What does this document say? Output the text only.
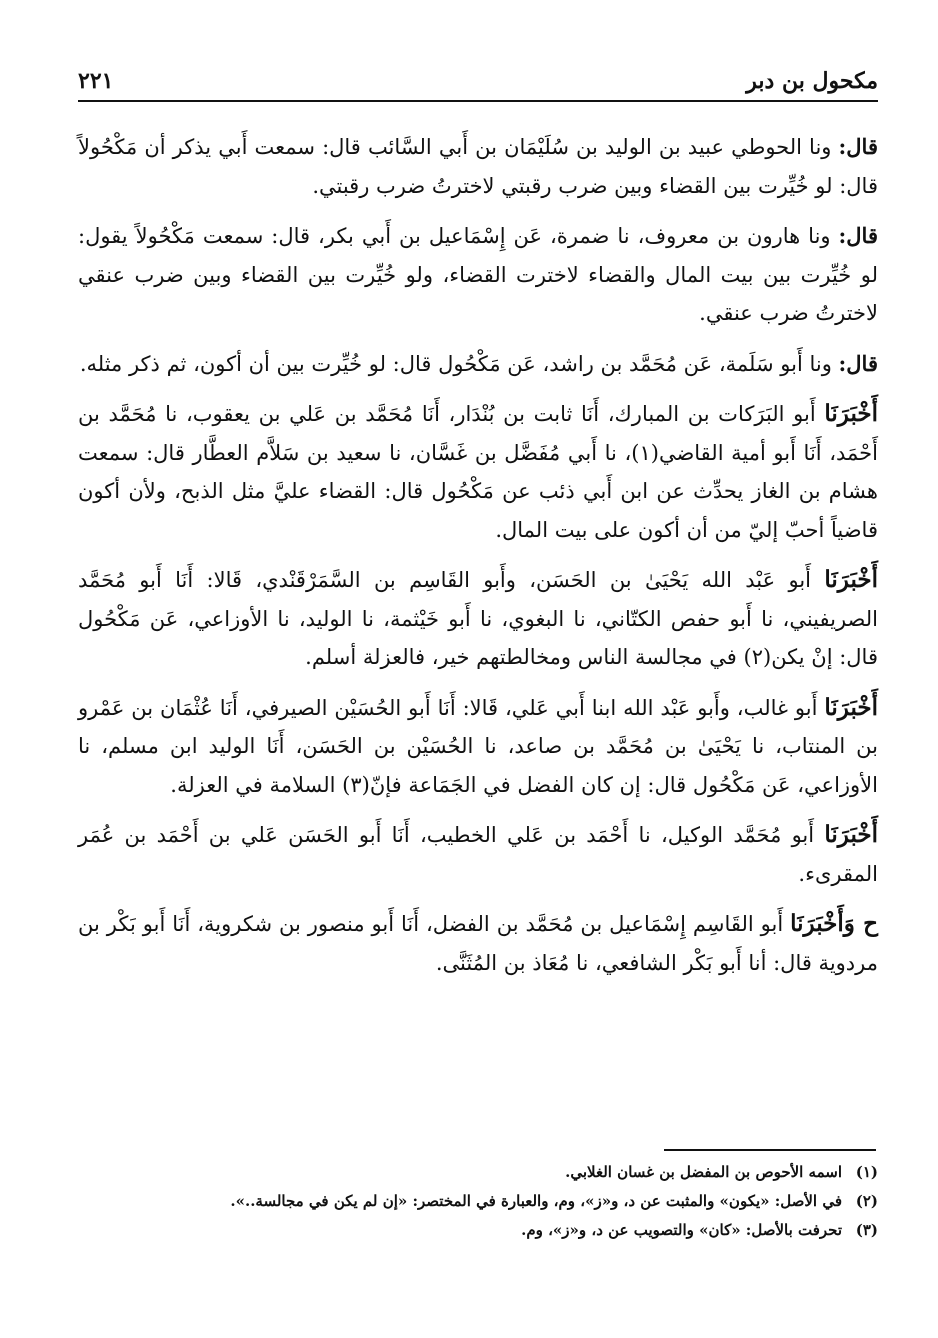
مكحول بن دبر
٢٢١

قال: ونا الحوطي عبيد بن الوليد بن سُلَيْمَان بن أَبي السَّائب قال: سمعت أَبي يذكر أن مَكْحُولاً قال: لو خُيِّرت بين القضاء وبين ضرب رقبتي لاخترتُ ضرب رقبتي.

قال: ونا هارون بن معروف، نا ضمرة، عَن إِسْمَاعيل بن أَبي بكر، قال: سمعت مَكْحُولاً يقول: لو خُيِّرت بين بيت المال والقضاء لاخترت القضاء، ولو خُيِّرت بين القضاء وبين ضرب عنقي لاخترتُ ضرب عنقي.

قال: ونا أَبو سَلَمة، عَن مُحَمَّد بن راشد، عَن مَكْحُول قال: لو خُيِّرت بين أن أكون، ثم ذكر مثله.

أَخْبَرَنَا أَبو البَرَكات بن المبارك، أَنَا ثابت بن بُنْدَار، أَنَا مُحَمَّد بن عَلي بن يعقوب، نا مُحَمَّد بن أَحْمَد، أَنَا أَبو أمية القاضي(١)، نا أَبي مُفَضَّل بن غَسَّان، نا سعيد بن سَلاَّم العطَّار قال: سمعت هشام بن الغاز يحدِّث عن ابن أَبي ذئب عن مَكْحُول قال: القضاء عليَّ مثل الذبح، ولأن أكون قاضياً أحبّ إليّ من أن أكون على بيت المال.

أَخْبَرَنَا أَبو عَبْد الله يَحْيَىٰ بن الحَسَن، وأَبو القَاسِم بن السَّمَرْقَنْدي، قَالا: أَنَا أَبو مُحَمَّد الصريفيني، نا أَبو حفص الكتّاني، نا البغوي، نا أَبو خَيْثمة، نا الوليد، نا الأوزاعي، عَن مَكْحُول قال: إنْ يكن(٢) في مجالسة الناس ومخالطتهم خير، فالعزلة أسلم.

أَخْبَرَنَا أَبو غالب، وأَبو عَبْد الله ابنا أَبي عَلي، قَالا: أَنَا أَبو الحُسَيْن الصيرفي، أَنَا عُثْمَان بن عَمْرو بن المنتاب، نا يَحْيَىٰ بن مُحَمَّد بن صاعد، نا الحُسَيْن بن الحَسَن، أَنَا الوليد ابن مسلم، نا الأوزاعي، عَن مَكْحُول قال: إن كان الفضل في الجَمَاعة فإنّ(٣) السلامة في العزلة.

أَخْبَرَنَا أَبو مُحَمَّد الوكيل، نا أَحْمَد بن عَلي الخطيب، أَنَا أَبو الحَسَن عَلي بن أَحْمَد بن عُمَر المقرىء.

ح وَأَخْبَرَنَا أَبو القَاسِم إِسْمَاعيل بن مُحَمَّد بن الفضل، أَنَا أَبو منصور بن شكروية، أَنَا أَبو بَكْر بن مردوية قال: أنا أَبو بَكْر الشافعي، نا مُعَاذ بن المُثَنَّى.

(١)
اسمه الأحوص بن المفضل بن غسان الغلابي.
(٢)
في الأصل: «يكون» والمثبت عن د، و«ز»، وم، والعبارة في المختصر: «إن لم يكن في مجالسة..».
(٣)
تحرفت بالأصل: «كان» والتصويب عن د، و«ز»، وم.
